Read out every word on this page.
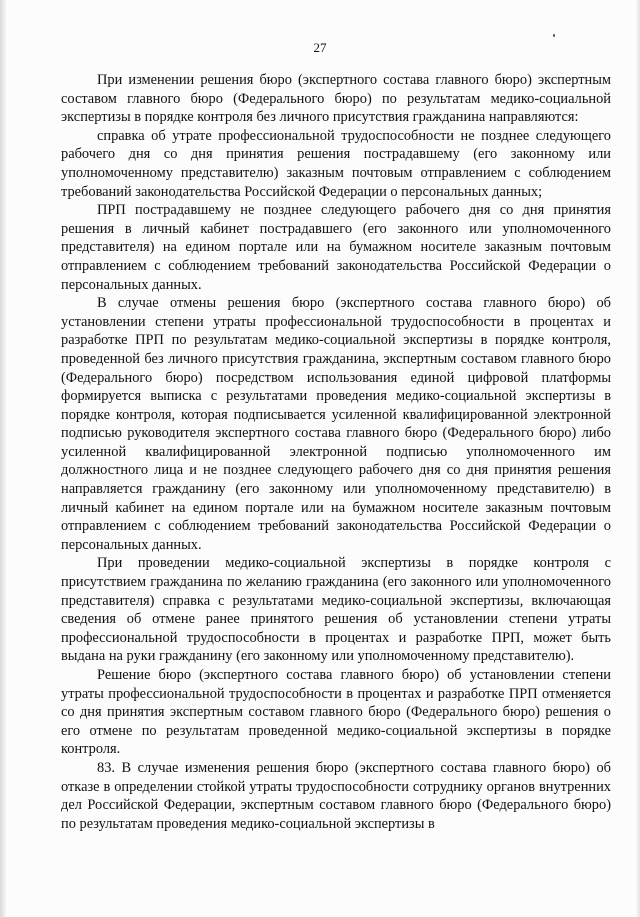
27

При изменении решения бюро (экспертного состава главного бюро) экспертным составом главного бюро (Федерального бюро) по результатам медико-социальной экспертизы в порядке контроля без личного присутствия гражданина направляются:

справка об утрате профессиональной трудоспособности не позднее следующего рабочего дня со дня принятия решения пострадавшему (его законному или уполномоченному представителю) заказным почтовым отправлением с соблюдением требований законодательства Российской Федерации о персональных данных;

ПРП пострадавшему не позднее следующего рабочего дня со дня принятия решения в личный кабинет пострадавшего (его законного или уполномоченного представителя) на едином портале или на бумажном носителе заказным почтовым отправлением с соблюдением требований законодательства Российской Федерации о персональных данных.

В случае отмены решения бюро (экспертного состава главного бюро) об установлении степени утраты профессиональной трудоспособности в процентах и разработке ПРП по результатам медико-социальной экспертизы в порядке контроля, проведенной без личного присутствия гражданина, экспертным составом главного бюро (Федерального бюро) посредством использования единой цифровой платформы формируется выписка с результатами проведения медико-социальной экспертизы в порядке контроля, которая подписывается усиленной квалифицированной электронной подписью руководителя экспертного состава главного бюро (Федерального бюро) либо усиленной квалифицированной электронной подписью уполномоченного им должностного лица и не позднее следующего рабочего дня со дня принятия решения направляется гражданину (его законному или уполномоченному представителю) в личный кабинет на едином портале или на бумажном носителе заказным почтовым отправлением с соблюдением требований законодательства Российской Федерации о персональных данных.

При проведении медико-социальной экспертизы в порядке контроля с присутствием гражданина по желанию гражданина (его законного или уполномоченного представителя) справка с результатами медико-социальной экспертизы, включающая сведения об отмене ранее принятого решения об установлении степени утраты профессиональной трудоспособности в процентах и разработке ПРП, может быть выдана на руки гражданину (его законному или уполномоченному представителю).

Решение бюро (экспертного состава главного бюро) об установлении степени утраты профессиональной трудоспособности в процентах и разработке ПРП отменяется со дня принятия экспертным составом главного бюро (Федерального бюро) решения о его отмене по результатам проведенной медико-социальной экспертизы в порядке контроля.

83. В случае изменения решения бюро (экспертного состава главного бюро) об отказе в определении стойкой утраты трудоспособности сотруднику органов внутренних дел Российской Федерации, экспертным составом главного бюро (Федерального бюро) по результатам проведения медико-социальной экспертизы в
